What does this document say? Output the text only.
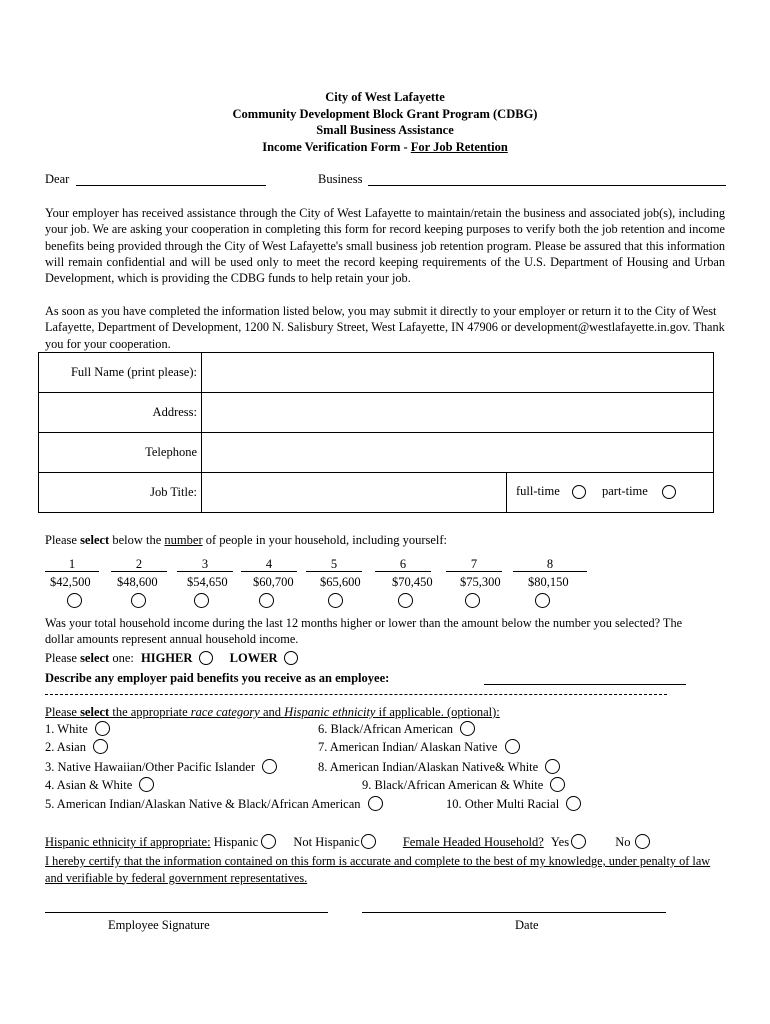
City of West Lafayette
Community Development Block Grant Program (CDBG)
Small Business Assistance
Income Verification Form - For Job Retention
Dear	Business
Your employer has received assistance through the City of West Lafayette to maintain/retain the business and associated job(s), including your job. We are asking your cooperation in completing this form for record keeping purposes to verify both the job retention and income benefits being provided through the City of West Lafayette's small business job retention program. Please be assured that this information will remain confidential and will be used only to meet the record keeping requirements of the U.S. Department of Housing and Urban Development, which is providing the CDBG funds to help retain your job.
As soon as you have completed the information listed below, you may submit it directly to your employer or return it to the City of West Lafayette, Department of Development, 1200 N. Salisbury Street, West Lafayette, IN 47906 or development@westlafayette.in.gov. Thank you for your cooperation.
Full Name (print please):	
Address:	
Telephone	
Job Title:	full-time part-time
Please select below the number of people in your household, including yourself:
1
$42,500
2
$48,600
3
$54,650
4
$60,700
5
$65,600
6
$70,450
7
$75,300
8
$80,150
Was your total household income during the last 12 months higher or lower than the amount below the number you selected? The dollar amounts represent annual household income.
Please select one: HIGHER	LOWER
Describe any employer paid benefits you receive as an employee:
Please select the appropriate race category and Hispanic ethnicity if applicable. (optional):
1. White
2. Asian
3. Native Hawaiian/Other Pacific Islander
4. Asian & White
5. American Indian/Alaskan Native & Black/African American
6. Black/African American
7. American Indian/ Alaskan Native
8. American Indian/Alaskan Native& White
9. Black/African American & White
10. Other Multi Racial
Hispanic ethnicity if appropriate: Hispanic	Not Hispanic	Female Headed Household? Yes	No
I hereby certify that the information contained on this form is accurate and complete to the best of my knowledge, under penalty of law and verifiable by federal government representatives.
Employee Signature	Date
